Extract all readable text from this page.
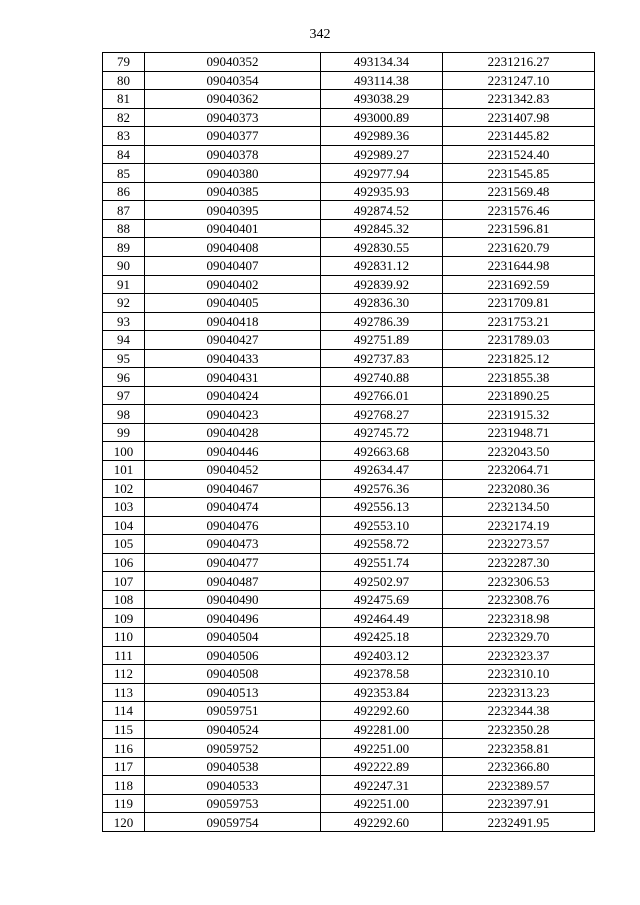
342
79	09040352	493134.34	2231216.27
80	09040354	493114.38	2231247.10
81	09040362	493038.29	2231342.83
82	09040373	493000.89	2231407.98
83	09040377	492989.36	2231445.82
84	09040378	492989.27	2231524.40
85	09040380	492977.94	2231545.85
86	09040385	492935.93	2231569.48
87	09040395	492874.52	2231576.46
88	09040401	492845.32	2231596.81
89	09040408	492830.55	2231620.79
90	09040407	492831.12	2231644.98
91	09040402	492839.92	2231692.59
92	09040405	492836.30	2231709.81
93	09040418	492786.39	2231753.21
94	09040427	492751.89	2231789.03
95	09040433	492737.83	2231825.12
96	09040431	492740.88	2231855.38
97	09040424	492766.01	2231890.25
98	09040423	492768.27	2231915.32
99	09040428	492745.72	2231948.71
100	09040446	492663.68	2232043.50
101	09040452	492634.47	2232064.71
102	09040467	492576.36	2232080.36
103	09040474	492556.13	2232134.50
104	09040476	492553.10	2232174.19
105	09040473	492558.72	2232273.57
106	09040477	492551.74	2232287.30
107	09040487	492502.97	2232306.53
108	09040490	492475.69	2232308.76
109	09040496	492464.49	2232318.98
110	09040504	492425.18	2232329.70
111	09040506	492403.12	2232323.37
112	09040508	492378.58	2232310.10
113	09040513	492353.84	2232313.23
114	09059751	492292.60	2232344.38
115	09040524	492281.00	2232350.28
116	09059752	492251.00	2232358.81
117	09040538	492222.89	2232366.80
118	09040533	492247.31	2232389.57
119	09059753	492251.00	2232397.91
120	09059754	492292.60	2232491.95
